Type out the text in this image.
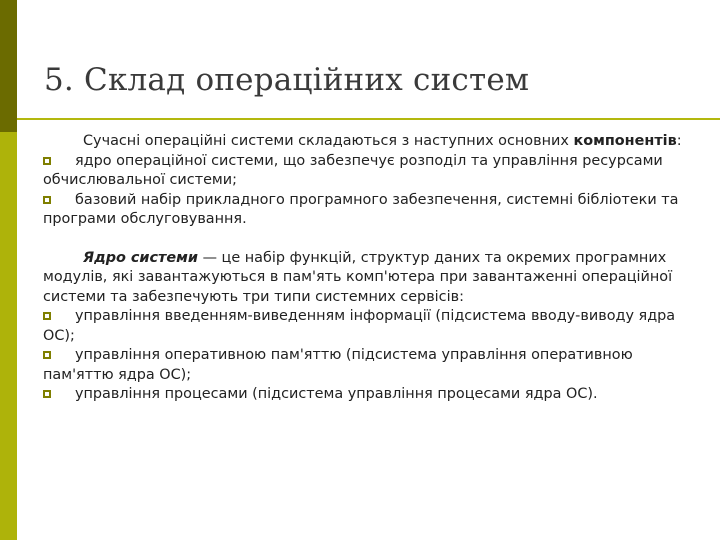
5. Склад операційних систем

Сучасні операційні системи складаються з наступних основних компонентів:
ядро операційної системи, що забезпечує розподіл та управління ресурсами обчислювальної системи;
базовий набір прикладного програмного забезпечення, системні бібліотеки та програми обслуговування.

Ядро системи — це набір функцій, структур даних та окремих програмних модулів, які завантажуються в пам'ять комп'ютера при завантаженні операційної системи та забезпечують три типи системних сервісів:
управління введенням-виведенням інформації (підсистема вводу-виводу ядра ОС);
управління оперативною пам'яттю (підсистема управління оперативною пам'яттю ядра ОС);
управління процесами (підсистема управління процесами ядра ОС).
